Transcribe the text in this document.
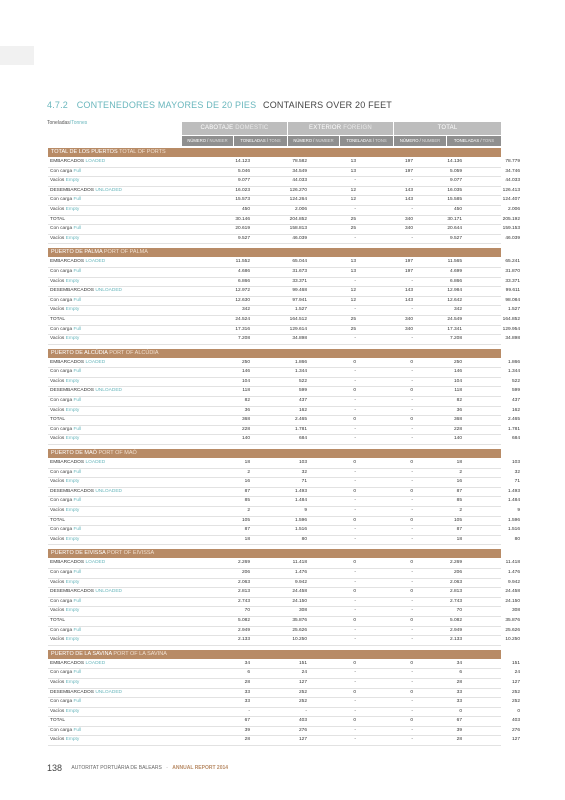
4.7.2 CONTENEDORES MAYORES DE 20 PIES CONTAINERS OVER 20 FEET
Toneladas/Tonnes
CABOTAJE DOMESTIC	EXTERIOR FOREIGN	TOTAL
NÚMERO / NUMBER	TONELADAS / TONS	NÚMERO / NUMBER	TONELADAS / TONS	NÚMERO / NUMBER	TONELADAS / TONS
TOTAL DE LOS PUERTOS TOTAL OF PORTS
EMBARCADOS LOADED	14.123	78.582	13	197	14.136	78.779
Con carga Full	5.046	34.549	13	197	5.059	34.746
Vacíos Empty	9.077	44.033	-	-	9.077	44.033
DESEMBARCADOS UNLOADED	16.023	126.270	12	143	16.035	126.413
Con carga Full	15.573	124.264	12	143	15.585	124.407
Vacíos Empty	450	2.006	-	-	450	2.006
TOTAL	30.146	204.852	25	340	30.171	205.192
Con carga Full	20.619	158.813	25	340	20.644	159.153
Vacíos Empty	9.527	46.039	-	-	9.527	46.039
PUERTO DE PALMA PORT OF PALMA
EMBARCADOS LOADED	11.552	65.044	13	197	11.565	65.241
Con carga Full	4.686	31.673	13	197	4.699	31.870
Vacíos Empty	6.866	33.371	-	-	6.866	33.371
DESEMBARCADOS UNLOADED	12.972	99.468	12	143	12.984	99.611
Con carga Full	12.630	97.941	12	143	12.642	98.084
Vacíos Empty	342	1.527	-	-	342	1.527
TOTAL	24.524	164.512	25	340	24.549	164.852
Con carga Full	17.316	129.614	25	340	17.341	129.954
Vacíos Empty	7.208	34.898	-	-	7.208	34.898
PUERTO DE ALCÚDIA PORT OF ALCÚDIA
EMBARCADOS LOADED	250	1.866	0	0	250	1.866
Con carga Full	146	1.344	-	-	146	1.344
Vacíos Empty	104	522	-	-	104	522
DESEMBARCADOS UNLOADED	118	599	0	0	118	599
Con carga Full	82	437	-	-	82	437
Vacíos Empty	36	162	-	-	36	162
TOTAL	368	2.465	0	0	368	2.465
Con carga Full	228	1.781	-	-	228	1.781
Vacíos Empty	140	684	-	-	140	684
PUERTO DE MAÓ PORT OF MAÓ
EMBARCADOS LOADED	18	103	0	0	18	103
Con carga Full	2	32	-	-	2	32
Vacíos Empty	16	71	-	-	16	71
DESEMBARCADOS UNLOADED	87	1.493	0	0	87	1.493
Con carga Full	85	1.484	-	-	85	1.484
Vacíos Empty	2	9	-	-	2	9
TOTAL	105	1.596	0	0	105	1.596
Con carga Full	87	1.516	-	-	87	1.516
Vacíos Empty	18	80	-	-	18	80
PUERTO DE EIVISSA PORT OF EIVISSA
EMBARCADOS LOADED	2.269	11.418	0	0	2.269	11.418
Con carga Full	206	1.476	-	-	206	1.476
Vacíos Empty	2.063	9.942	-	-	2.063	9.942
DESEMBARCADOS UNLOADED	2.813	24.458	0	0	2.813	24.458
Con carga Full	2.743	24.150	-	-	2.743	24.150
Vacíos Empty	70	308	-	-	70	308
TOTAL	5.082	35.876	0	0	5.082	35.876
Con carga Full	2.949	25.626	-	-	2.949	25.626
Vacíos Empty	2.133	10.250	-	-	2.133	10.250
PUERTO DE LA SAVINA PORT OF LA SAVINA
EMBARCADOS LOADED	34	151	0	0	34	151
Con carga Full	6	24	-	-	6	24
Vacíos Empty	28	127	-	-	28	127
DESEMBARCADOS UNLOADED	33	252	0	0	33	252
Con carga Full	33	252	-	-	33	252
Vacíos Empty	-	-	-	-	0	0
TOTAL	67	403	0	0	67	403
Con carga Full	39	276	-	-	39	276
Vacíos Empty	28	127	-	-	28	127
138 AUTORITAT PORTUÀRIA DE BALEARS - ANNUAL REPORT 2014
